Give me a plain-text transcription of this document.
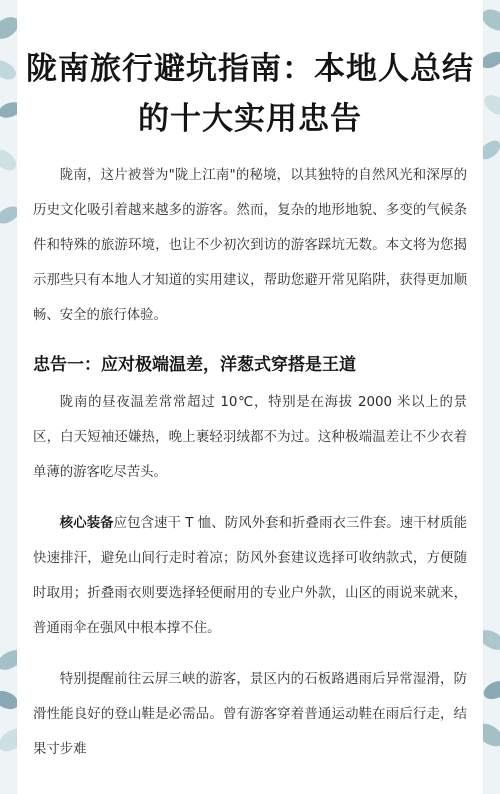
陇南旅行避坑指南：本地人总结的十大实用忠告

陇南，这片被誉为"陇上江南"的秘境，以其独特的自然风光和深厚的历史文化吸引着越来越多的游客。然而，复杂的地形地貌、多变的气候条件和特殊的旅游环境，也让不少初次到访的游客踩坑无数。本文将为您揭示那些只有本地人才知道的实用建议，帮助您避开常见陷阱，获得更加顺畅、安全的旅行体验。

忠告一：应对极端温差，洋葱式穿搭是王道

陇南的昼夜温差常常超过 10℃，特别是在海拔 2000 米以上的景区，白天短袖还嫌热，晚上裹轻羽绒都不为过。这种极端温差让不少衣着单薄的游客吃尽苦头。

核心装备应包含速干 T 恤、防风外套和折叠雨衣三件套。速干材质能快速排汗，避免山间行走时着凉；防风外套建议选择可收纳款式，方便随时取用；折叠雨衣则要选择轻便耐用的专业户外款，山区的雨说来就来，普通雨伞在强风中根本撑不住。

特别提醒前往云屏三峡的游客，景区内的石板路遇雨后异常湿滑，防滑性能良好的登山鞋是必需品。曾有游客穿着普通运动鞋在雨后行走，结果寸步难
